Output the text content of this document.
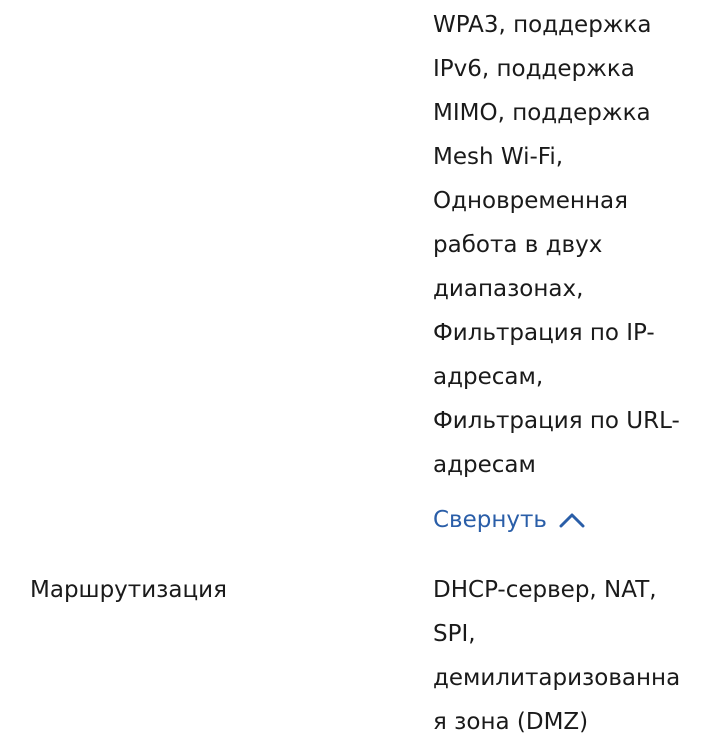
WPA3, поддержка
IPv6, поддержка
MIMO, поддержка
Mesh Wi-Fi,
Одновременная
работа в двух
диапазонах,
Фильтрация по IP-
адресам,
Фильтрация по URL-
адресам
Свернуть
Маршрутизация	DHCP-сервер, NAT,
SPI,
демилитаризованна
я зона (DMZ)
